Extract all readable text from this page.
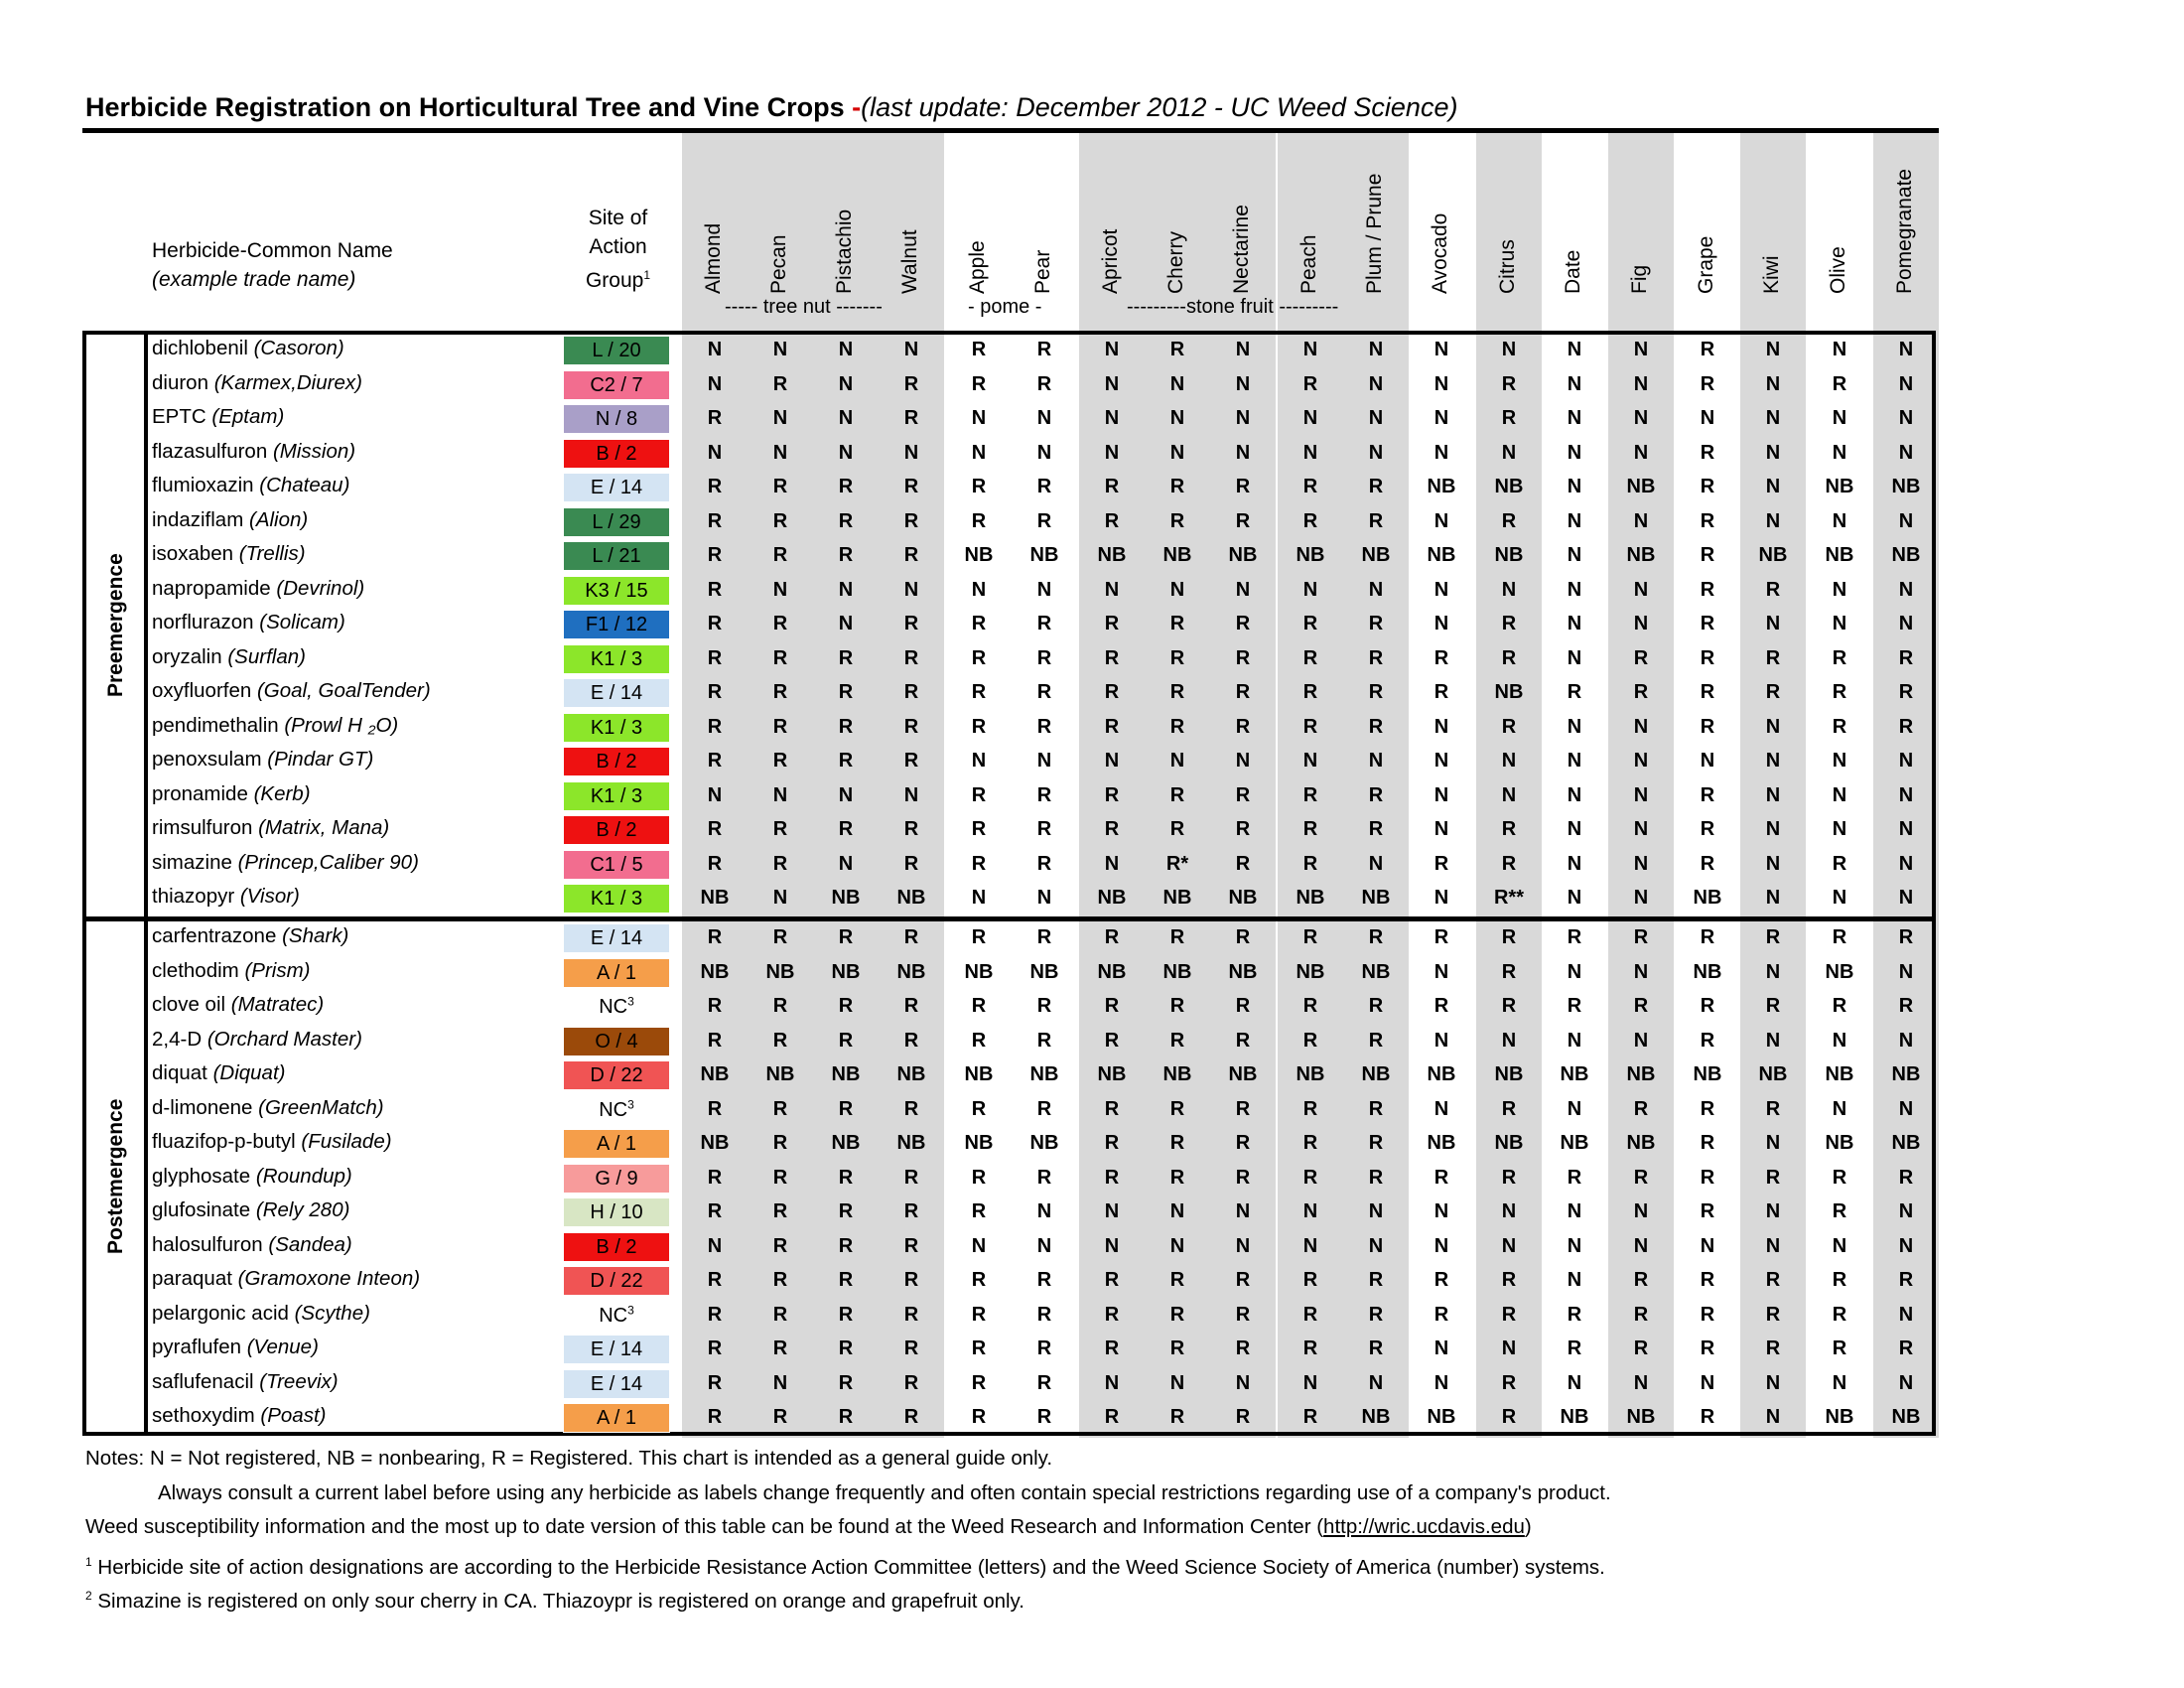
Herbicide Registration on Horticultural Tree and Vine Crops -(last update: December 2012 - UC Weed Science)
Herbicide-Common Name
(example trade name)
Site of
Action
Group$^1$	Almond Pecan Pistachio Walnut Apple Pear Apricot Cherry Nectarine Peach Plum / Prune Avocado Citrus Date Fig Grape Kiwi Olive Pomegranate
----- tree nut -------	- pome -	---------stone fruit ---------
Preemergence
dichlobenil (Casoron)	L / 20	N	N	N	N	R	R	N	R	N	N	N	N	N	N	N	R	N	N	N
diuron (Karmex,Diurex)	C2 / 7	N	R	N	R	R	R	N	N	N	R	N	N	R	N	N	R	N	R	N
EPTC (Eptam)	N / 8	R	N	N	R	N	N	N	N	N	N	N	N	R	N	N	N	N	N	N
flazasulfuron (Mission)	B / 2	N	N	N	N	N	N	N	N	N	N	N	N	N	N	N	R	N	N	N
flumioxazin (Chateau)	E / 14	R	R	R	R	R	R	R	R	R	R	R	NB	NB	N	NB	R	N	NB	NB
indaziflam (Alion)	L / 29	R	R	R	R	R	R	R	R	R	R	R	N	R	N	N	R	N	N	N
isoxaben (Trellis)	L / 21	R	R	R	R	NB	NB	NB	NB	NB	NB	NB	NB	NB	N	NB	R	NB	NB	NB
napropamide (Devrinol)	K3 / 15	R	N	N	N	N	N	N	N	N	N	N	N	N	N	N	R	R	N	N
norflurazon (Solicam)	F1 / 12	R	R	N	R	R	R	R	R	R	R	R	N	R	N	N	R	N	N	N
oryzalin (Surflan)	K1 / 3	R	R	R	R	R	R	R	R	R	R	R	R	R	N	R	R	R	R	R
oxyfluorfen (Goal, GoalTender)	E / 14	R	R	R	R	R	R	R	R	R	R	R	R	NB	R	R	R	R	R	R
pendimethalin (Prowl H ₂O)	K1 / 3	R	R	R	R	R	R	R	R	R	R	R	N	R	N	N	R	N	R	R
penoxsulam (Pindar GT)	B / 2	R	R	R	R	N	N	N	N	N	N	N	N	N	N	N	N	N	N	N
pronamide (Kerb)	K1 / 3	N	N	N	N	R	R	R	R	R	R	R	N	N	N	N	R	N	N	N
rimsulfuron (Matrix, Mana)	B / 2	R	R	R	R	R	R	R	R	R	R	R	N	R	N	N	R	N	N	N
simazine (Princep,Caliber 90)	C1 / 5	R	R	N	R	R	R	N	R*	R	R	N	R	R	N	N	R	N	R	N
thiazopyr (Visor)	K1 / 3	NB	N	NB	NB	N	N	NB	NB	NB	NB	NB	N	R**	N	N	NB	N	N	N
Postemergence
carfentrazone (Shark)	E / 14	R	R	R	R	R	R	R	R	R	R	R	R	R	R	R	R	R	R	R
clethodim (Prism)	A / 1	NB	NB	NB	NB	NB	NB	NB	NB	NB	NB	NB	N	R	N	N	NB	N	NB	N
clove oil (Matratec)	$NC^3$	R	R	R	R	R	R	R	R	R	R	R	R	R	R	R	R	R	R	R
2,4-D (Orchard Master)	O / 4	R	R	R	R	R	R	R	R	R	R	R	N	N	N	N	R	N	N	N
diquat (Diquat)	D / 22	NB	NB	NB	NB	NB	NB	NB	NB	NB	NB	NB	NB	NB	NB	NB	NB	NB	NB	NB
d-limonene (GreenMatch)	$NC^3$	R	R	R	R	R	R	R	R	R	R	R	N	R	N	R	R	R	N	N
fluazifop-p-butyl (Fusilade)	A / 1	NB	R	NB	NB	NB	NB	R	R	R	R	R	NB	NB	NB	NB	R	N	NB	NB
glyphosate (Roundup)	G / 9	R	R	R	R	R	R	R	R	R	R	R	R	R	R	R	R	R	R	R
glufosinate (Rely 280)	H / 10	R	R	R	R	R	N	N	N	N	N	N	N	N	N	N	R	N	R	N
halosulfuron (Sandea)	B / 2	N	R	R	R	N	N	N	N	N	N	N	N	N	N	N	N	N	N	N
paraquat (Gramoxone Inteon)	D / 22	R	R	R	R	R	R	R	R	R	R	R	R	R	N	R	R	R	R	R
pelargonic acid (Scythe)	$NC^3$	R	R	R	R	R	R	R	R	R	R	R	R	R	R	R	R	R	R	N
pyraflufen (Venue)	E / 14	R	R	R	R	R	R	R	R	R	R	R	N	N	R	R	R	R	R	R
saflufenacil (Treevix)	E / 14	R	N	R	R	R	R	N	N	N	N	N	N	R	N	N	N	N	N	N
sethoxydim (Poast)	A / 1	R	R	R	R	R	R	R	R	R	R	NB	NB	R	NB	NB	R	N	NB	NB
Notes: N = Not registered, NB = nonbearing, R = Registered. This chart is intended as a general guide only.
Always consult a current label before using any herbicide as labels change frequently and often contain special restrictions regarding use of a company's product.
Weed susceptibility information and the most up to date version of this table can be found at the Weed Research and Information Center (http://wric.ucdavis.edu)
$^1$ Herbicide site of action designations are according to the Herbicide Resistance Action Committee (letters) and the Weed Science Society of America (number) systems.
$^2$ Simazine is registered on only sour cherry in CA. Thiazoypr is registered on orange and grapefruit only.
